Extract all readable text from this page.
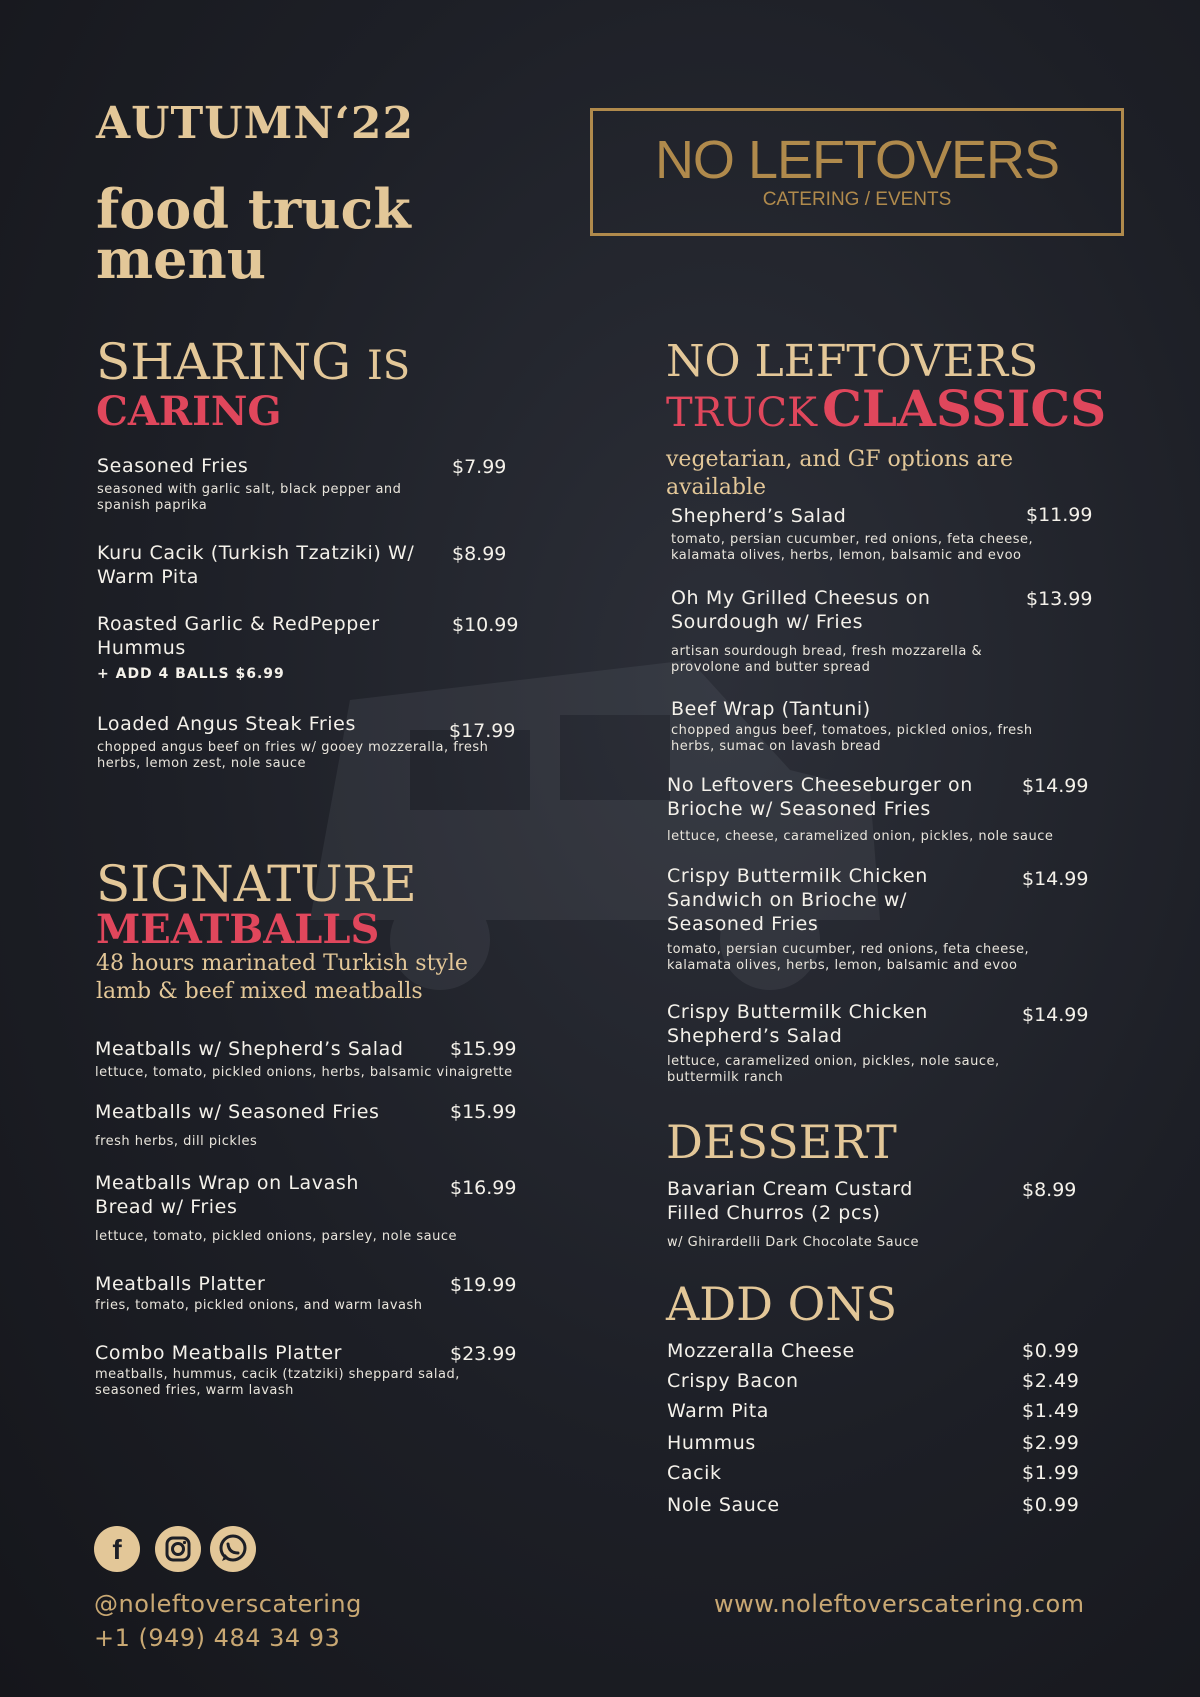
AUTUMN‘22
food truck
menu
NO LEFTOVERS
CATERING / EVENTS
SHARING IS
CARING
Seasoned Fries
seasoned with garlic salt, black pepper and spanish paprika
$7.99
Kuru Cacik (Turkish Tzatziki) W/ Warm Pita
$8.99
Roasted Garlic & RedPepper Hummus
+ ADD 4 BALLS $6.99
$10.99
Loaded Angus Steak Fries
chopped angus beef on fries w/ gooey mozzeralla, fresh herbs, lemon zest, nole sauce
$17.99
SIGNATURE
MEATBALLS
48 hours marinated Turkish style lamb & beef mixed meatballs
Meatballs w/ Shepherd’s Salad
lettuce, tomato, pickled onions, herbs, balsamic vinaigrette
$15.99
Meatballs w/ Seasoned Fries
fresh herbs, dill pickles
$15.99
Meatballs Wrap on Lavash Bread w/ Fries
lettuce, tomato, pickled onions, parsley, nole sauce
$16.99
Meatballs Platter
fries, tomato, pickled onions, and warm lavash
$19.99
Combo Meatballs Platter
meatballs, hummus, cacik (tzatziki) sheppard salad, seasoned fries, warm lavash
$23.99
NO LEFTOVERS
TRUCK CLASSICS
vegetarian, and GF options are available
Shepherd’s Salad
tomato, persian cucumber, red onions, feta cheese, kalamata olives, herbs, lemon, balsamic and evoo
$11.99
Oh My Grilled Cheesus on Sourdough w/ Fries
artisan sourdough bread, fresh mozzarella & provolone and butter spread
$13.99
Beef Wrap (Tantuni)
chopped angus beef, tomatoes, pickled onios, fresh herbs, sumac on lavash bread
No Leftovers Cheeseburger on Brioche w/ Seasoned Fries
lettuce, cheese, caramelized onion, pickles, nole sauce
$14.99
Crispy Buttermilk Chicken Sandwich on Brioche w/ Seasoned Fries
tomato, persian cucumber, red onions, feta cheese, kalamata olives, herbs, lemon, balsamic and evoo
$14.99
Crispy Buttermilk Chicken Shepherd’s Salad
lettuce, caramelized onion, pickles, nole sauce, buttermilk ranch
$14.99
DESSERT
Bavarian Cream Custard Filled Churros (2 pcs)
w/ Ghirardelli Dark Chocolate Sauce
$8.99
ADD ONS
Mozzeralla Cheese	$0.99
Crispy Bacon	$2.49
Warm Pita	$1.49
Hummus	$2.99
Cacik	$1.99
Nole Sauce	$0.99
f
@noleftoverscatering
+1 (949) 484 34 93
www.noleftoverscatering.com
